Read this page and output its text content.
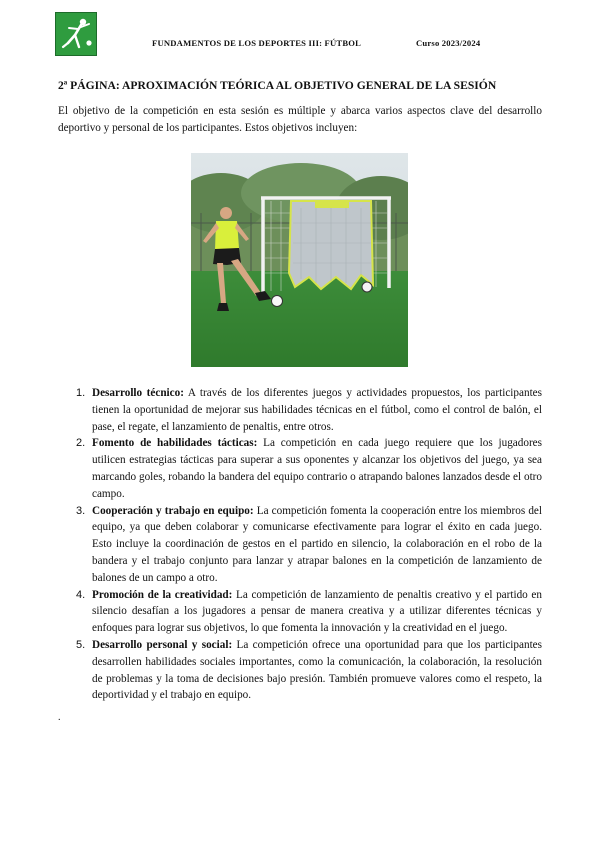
FUNDAMENTOS DE LOS DEPORTES III: FÚTBOL	Curso 2023/2024
2ª PÁGINA: APROXIMACIÓN TEÓRICA AL OBJETIVO GENERAL DE LA SESIÓN

El objetivo de la competición en esta sesión es múltiple y abarca varios aspectos clave del desarrollo deportivo y personal de los participantes. Estos objetivos incluyen:

1. Desarrollo técnico: A través de los diferentes juegos y actividades propuestos, los participantes tienen la oportunidad de mejorar sus habilidades técnicas en el fútbol, como el control de balón, el pase, el regate, el lanzamiento de penaltis, entre otros.
2. Fomento de habilidades tácticas: La competición en cada juego requiere que los jugadores utilicen estrategias tácticas para superar a sus oponentes y alcanzar los objetivos del juego, ya sea marcando goles, robando la bandera del equipo contrario o atrapando balones lanzados desde el otro campo.
3. Cooperación y trabajo en equipo: La competición fomenta la cooperación entre los miembros del equipo, ya que deben colaborar y comunicarse efectivamente para lograr el éxito en cada juego. Esto incluye la coordinación de gestos en el partido en silencio, la colaboración en el robo de la bandera y el trabajo conjunto para lanzar y atrapar balones en la competición de lanzamiento de balones de un campo a otro.
4. Promoción de la creatividad: La competición de lanzamiento de penaltis creativo y el partido en silencio desafían a los jugadores a pensar de manera creativa y a utilizar diferentes técnicas y enfoques para lograr sus objetivos, lo que fomenta la innovación y la creatividad en el juego.
5. Desarrollo personal y social: La competición ofrece una oportunidad para que los participantes desarrollen habilidades sociales importantes, como la comunicación, la colaboración, la resolución de problemas y la toma de decisiones bajo presión. También promueve valores como el respeto, la deportividad y el trabajo en equipo.
.
